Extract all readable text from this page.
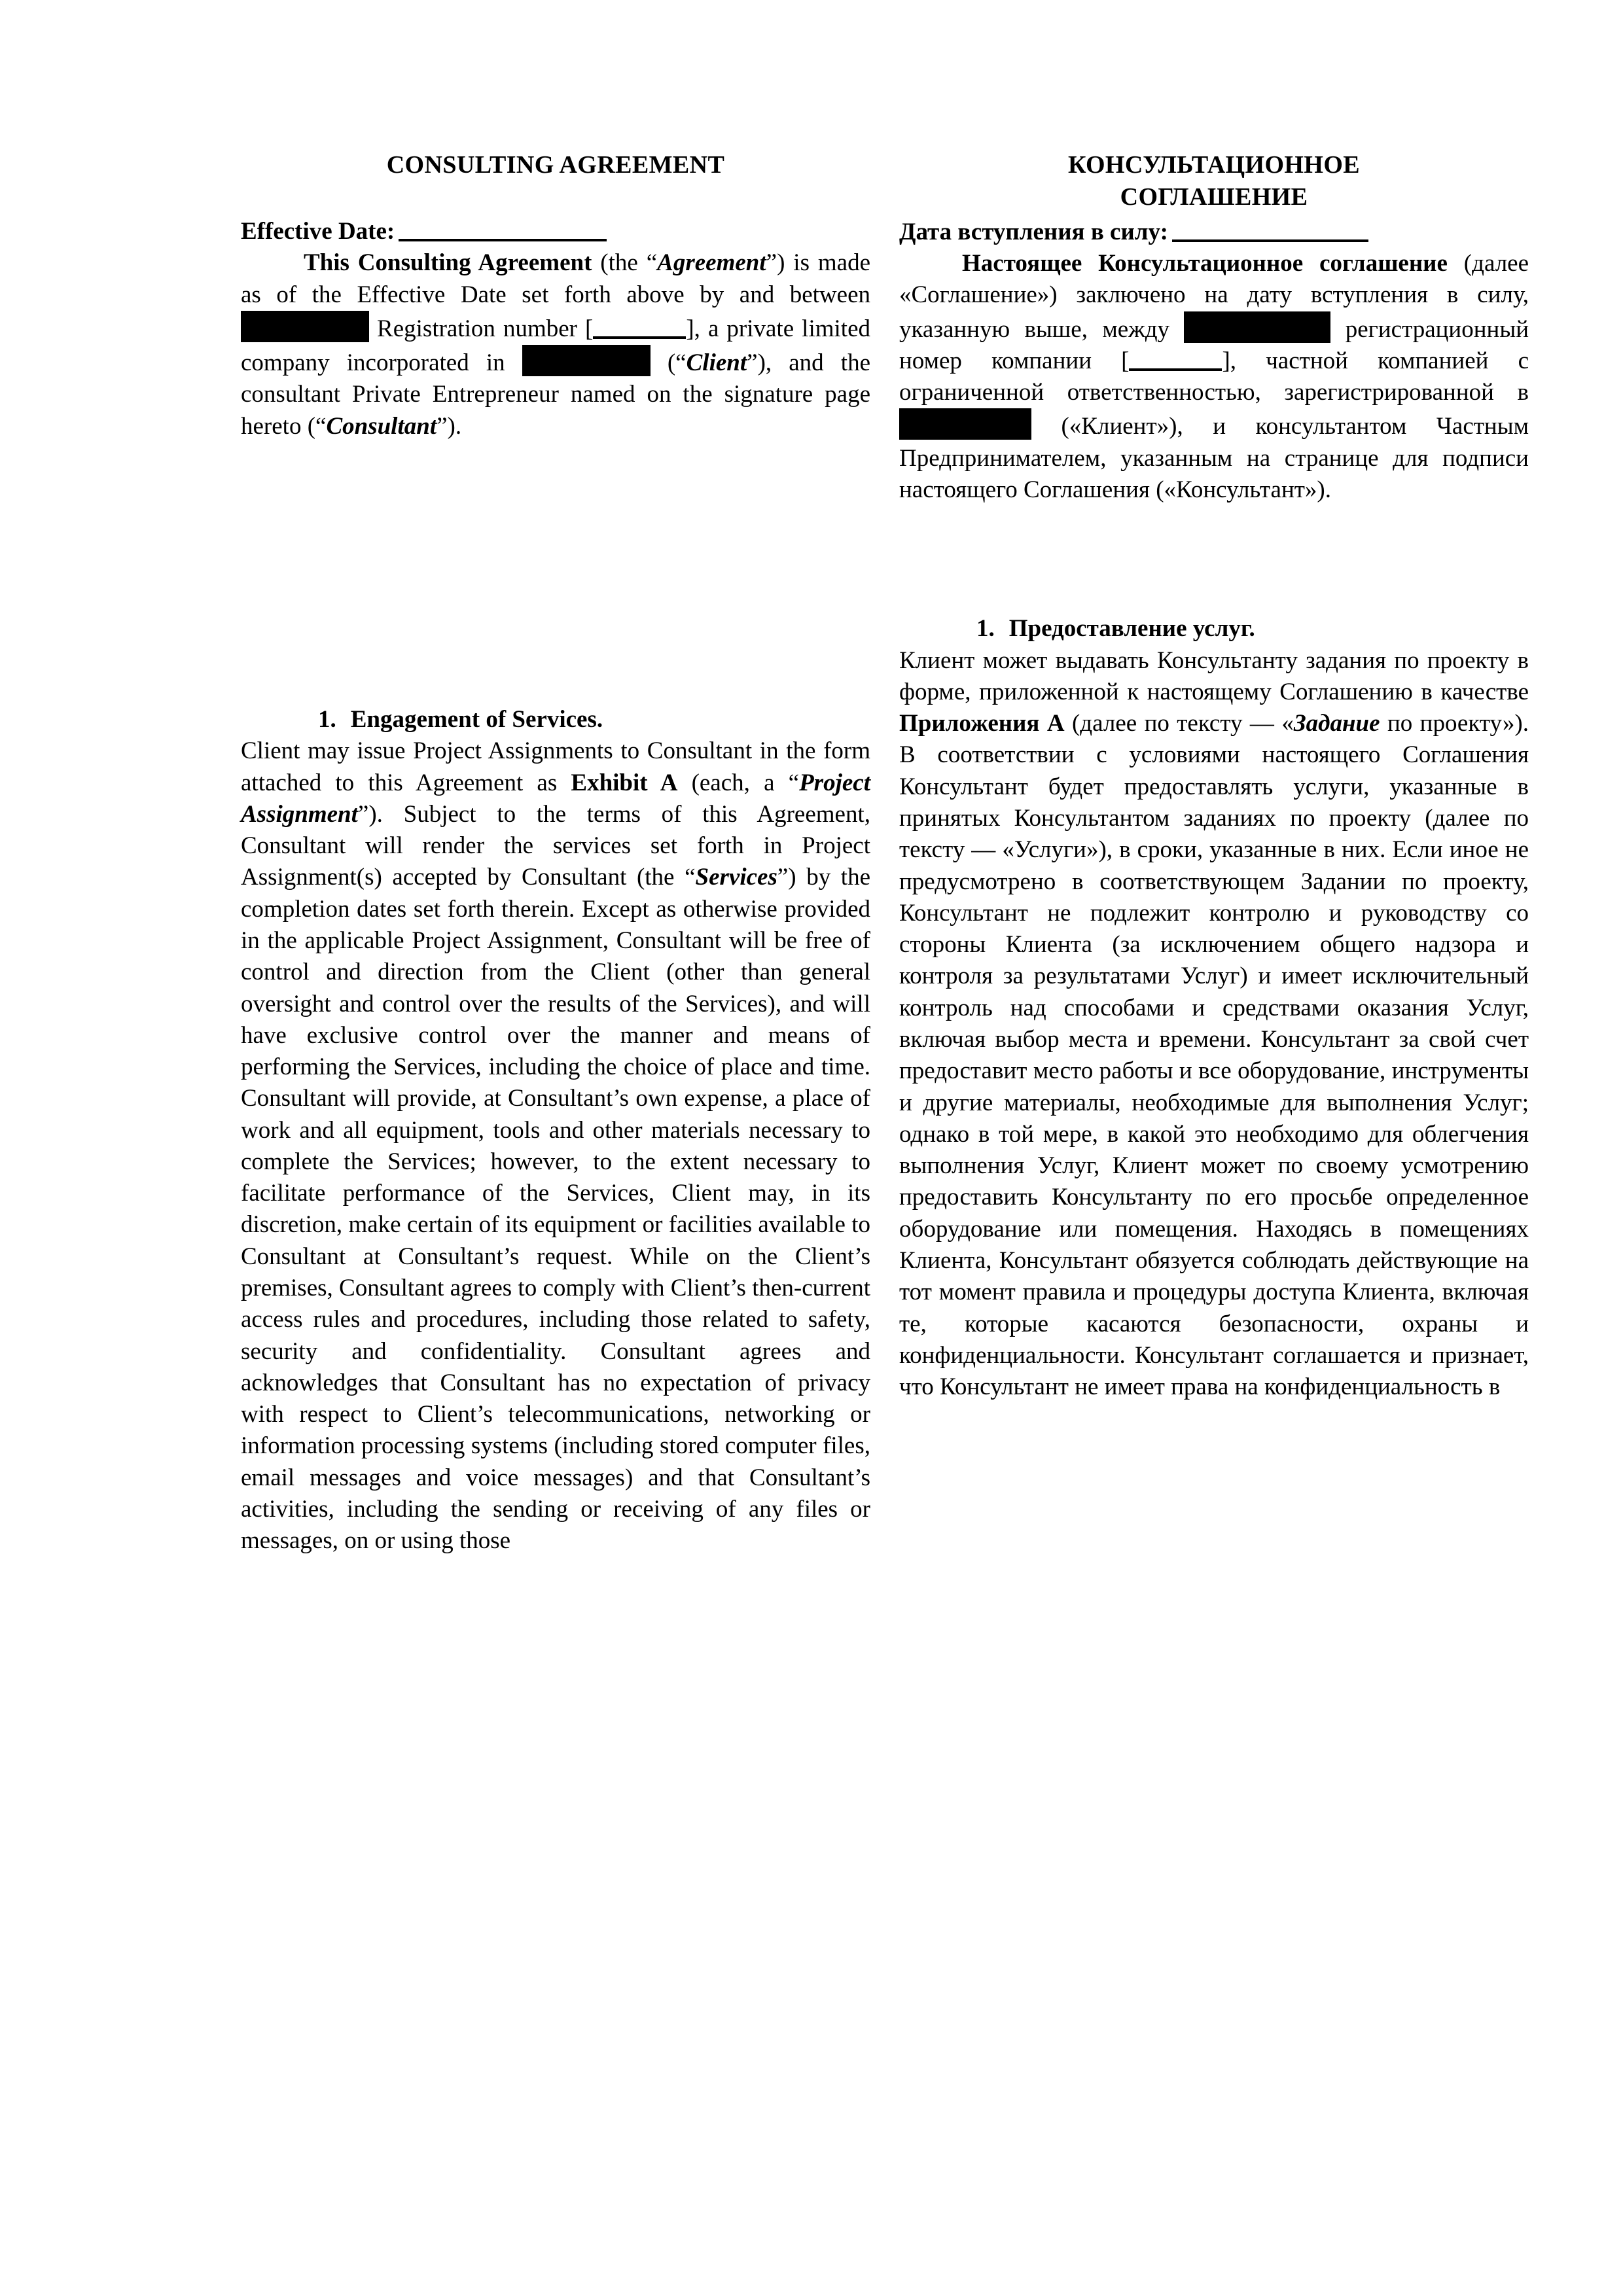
CONSULTING AGREEMENT

Effective Date:

This Consulting Agreement (the “Agreement”) is made as of the Effective Date set forth above by and between  Registration number [	], a private limited company incorporated in	(“Client”), and the consultant Private Entrepreneur named on the signature page hereto (“Consultant”).

1. Engagement of Services.

Client may issue Project Assignments to Consultant in the form attached to this Agreement as Exhibit A (each, a “Project Assignment”). Subject to the terms of this Agreement, Consultant will render the services set forth in Project Assignment(s) accepted by Consultant (the “Services”) by the completion dates set forth therein. Except as otherwise provided in the applicable Project Assignment, Consultant will be free of control and direction from the Client (other than general oversight and control over the results of the Services), and will have exclusive control over the manner and means of performing the Services, including the choice of place and time. Consultant will provide, at Consultant’s own expense, a place of work and all equipment, tools and other materials necessary to complete the Services; however, to the extent necessary to facilitate performance of the Services, Client may, in its discretion, make certain of its equipment or facilities available to Consultant at Consultant’s request. While on the Client’s premises, Consultant agrees to comply with Client’s then-current access rules and procedures, including those related to safety, security and confidentiality. Consultant agrees and acknowledges that Consultant has no expectation of privacy with respect to Client’s telecommunications, networking or information processing systems (including stored computer files, email messages and voice messages) and that Consultant’s activities, including the sending or receiving of any files or messages, on or using those

КОНСУЛЬТАЦИОННОЕ
СОГЛАШЕНИЕ

Дата вступления в силу:

Настоящее Консультационное соглашение (далее «Соглашение») заключено на дату вступления в силу, указанную выше, между	регистрационный номер компании [	], частной компанией с ограниченной ответственностью, зарегистрированной в  («Клиент»), и консультантом Частным Предпринимателем, указанным на странице для подписи настоящего Соглашения («Консультант»).

1. Предоставление услуг.

Клиент может выдавать Консультанту задания по проекту в форме, приложенной к настоящему Соглашению в качестве Приложения А (далее по тексту — «Задание по проекту»). В соответствии с условиями настоящего Соглашения Консультант будет предоставлять услуги, указанные в принятых Консультантом заданиях по проекту (далее по тексту — «Услуги»), в сроки, указанные в них. Если иное не предусмотрено в соответствующем Задании по проекту, Консультант не подлежит контролю и руководству со стороны Клиента (за исключением общего надзора и контроля за результатами Услуг) и имеет исключительный контроль над способами и средствами оказания Услуг, включая выбор места и времени. Консультант за свой счет предоставит место работы и все оборудование, инструменты и другие материалы, необходимые для выполнения Услуг; однако в той мере, в какой это необходимо для облегчения выполнения Услуг, Клиент может по своему усмотрению предоставить Консультанту по его просьбе определенное оборудование или помещения. Находясь в помещениях Клиента, Консультант обязуется соблюдать действующие на тот момент правила и процедуры доступа Клиента, включая те, которые касаются безопасности, охраны и конфиденциальности. Консультант соглашается и признает, что Консультант не имеет права на конфиденциальность в
